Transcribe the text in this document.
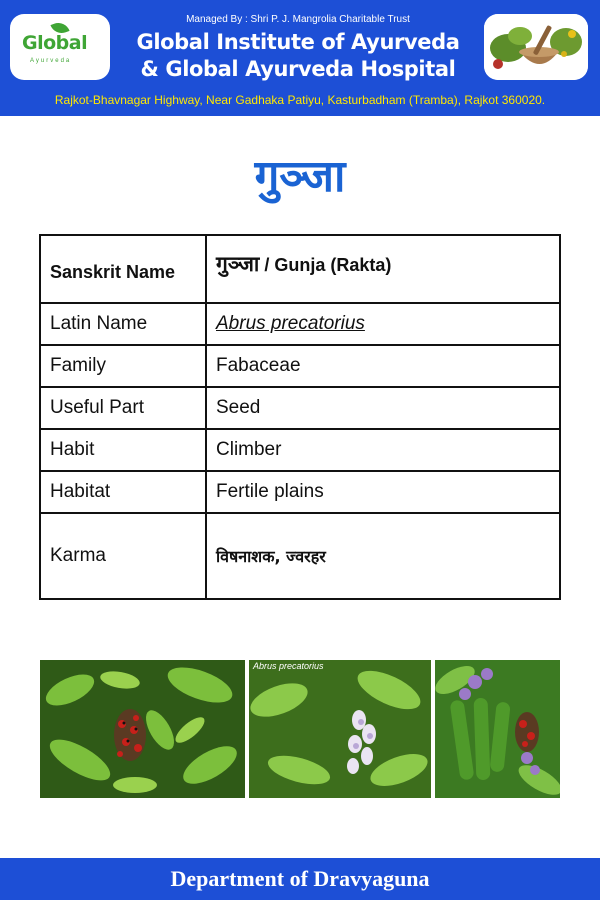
Global
Ayurveda
Managed By : Shri P. J. Mangrolia Charitable Trust
Global Institute of Ayurveda
& Global Ayurveda Hospital
Rajkot-Bhavnagar Highway, Near Gadhaka Patiyu, Kasturbadham (Tramba), Rajkot 360020.
गुञ्जा
Sanskrit Name	गुञ्जा / Gunja (Rakta)
Latin Name	Abrus precatorius
Family	Fabaceae
Useful Part	Seed
Habit	Climber
Habitat	Fertile plains
Karma	विषनाशक, ज्वरहर
Abrus precatorius
Department of Dravyaguna
